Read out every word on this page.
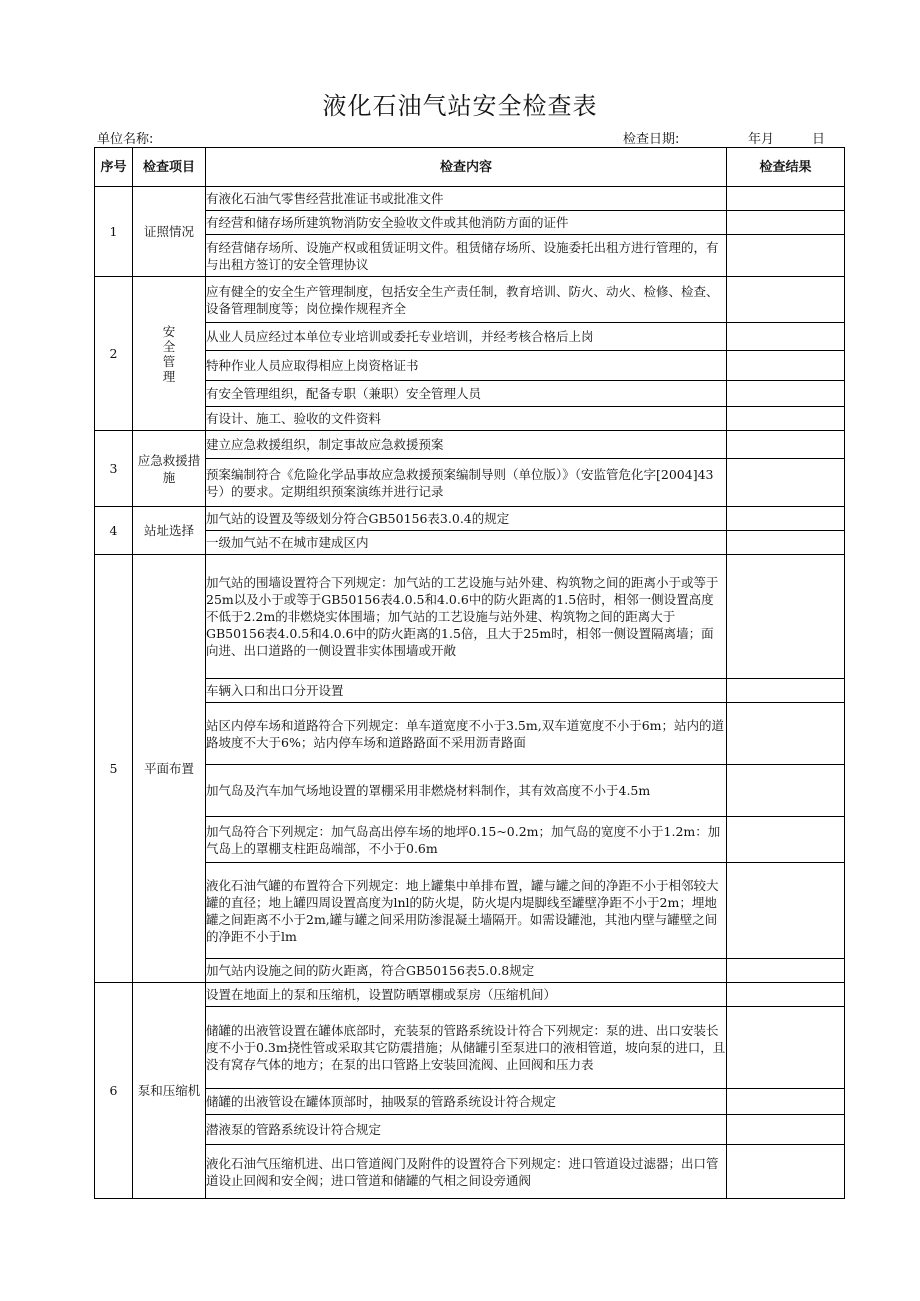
液化石油气站安全检查表
单位名称:	检查日期:	年月	日
序号	检查项目	检查内容	检查结果
1	证照情况	有液化石油气零售经营批准证书或批准文件	

		有经营和储存场所建筑物消防安全验收文件或其他消防方面的证件	

		有经营储存场所、设施产权或租赁证明文件。租赁储存场所、设施委托出租方进行管理的，有与出租方签订的安全管理协议	

2	安全管理	应有健全的安全生产管理制度，包括安全生产责任制，教育培训、防火、动火、检修、检查、设备管理制度等；岗位操作规程齐全	

		从业人员应经过本单位专业培训或委托专业培训，并经考核合格后上岗	

		特种作业人员应取得相应上岗资格证书	

		有安全管理组织，配备专职（兼职）安全管理人员	

		有设计、施工、验收的文件资料	

3	应急救援措施	建立应急救援组织，制定事故应急救援预案	

		预案编制符合《危险化学品事故应急救援预案编制导则（单位版）》（安监管危化字[2004]43号）的要求。定期组织预案演练并进行记录	

4	站址选择	加气站的设置及等级划分符合GB50156表3.0.4的规定	

		一级加气站不在城市建成区内	

5	平面布置	加气站的围墙设置符合下列规定：加气站的工艺设施与站外建、构筑物之间的距离小于或等于25m以及小于或等于GB50156表4.0.5和4.0.6中的防火距离的1.5倍时，相邻一侧设置高度不低于2.2m的非燃烧实体围墙；加气站的工艺设施与站外建、构筑物之间的距离大于GB50156表4.0.5和4.0.6中的防火距离的1.5倍，且大于25m时，相邻一侧设置隔离墙；面向进、出口道路的一侧设置非实体围墙或开敞	

		车辆入口和出口分开设置	

		站区内停车场和道路符合下列规定：单车道宽度不小于3.5m,双车道宽度不小于6m；站内的道路坡度不大于6%；站内停车场和道路路面不采用沥青路面	

		加气岛及汽车加气场地设置的罩棚采用非燃烧材料制作，其有效高度不小于4.5m	

		加气岛符合下列规定：加气岛高出停车场的地坪0.15~0.2m；加气岛的宽度不小于1.2m：加气岛上的罩棚支柱距岛端部，不小于0.6m	

		液化石油气罐的布置符合下列规定：地上罐集中单排布置，罐与罐之间的净距不小于相邻较大罐的直径；地上罐四周设置高度为lnl的防火堤，防火堤内堤脚线至罐壁净距不小于2m；埋地罐之间距离不小于2m,罐与罐之间采用防渗混凝土墙隔开。如需设罐池，其池内壁与罐壁之间的净距不小于lm	

		加气站内设施之间的防火距离，符合GB50156表5.0.8规定	

6	泵和压缩机	设置在地面上的泵和压缩机，设置防晒罩棚或泵房（压缩机间）	

		储罐的出液管设置在罐体底部时，充装泵的管路系统设计符合下列规定：泵的进、出口安装长度不小于0.3m挠性管或采取其它防震措施；从储罐引至泵进口的液相管道，坡向泵的进口，且没有窝存气体的地方；在泵的出口管路上安装回流阀、止回阀和压力表	

		储罐的出液管设在罐体顶部时，抽吸泵的管路系统设计符合规定	

		潜液泵的管路系统设计符合规定	

		液化石油气压缩机进、出口管道阀门及附件的设置符合下列规定：进口管道设过滤器；出口管道设止回阀和安全阀；进口管道和储罐的气相之间设旁通阀	
